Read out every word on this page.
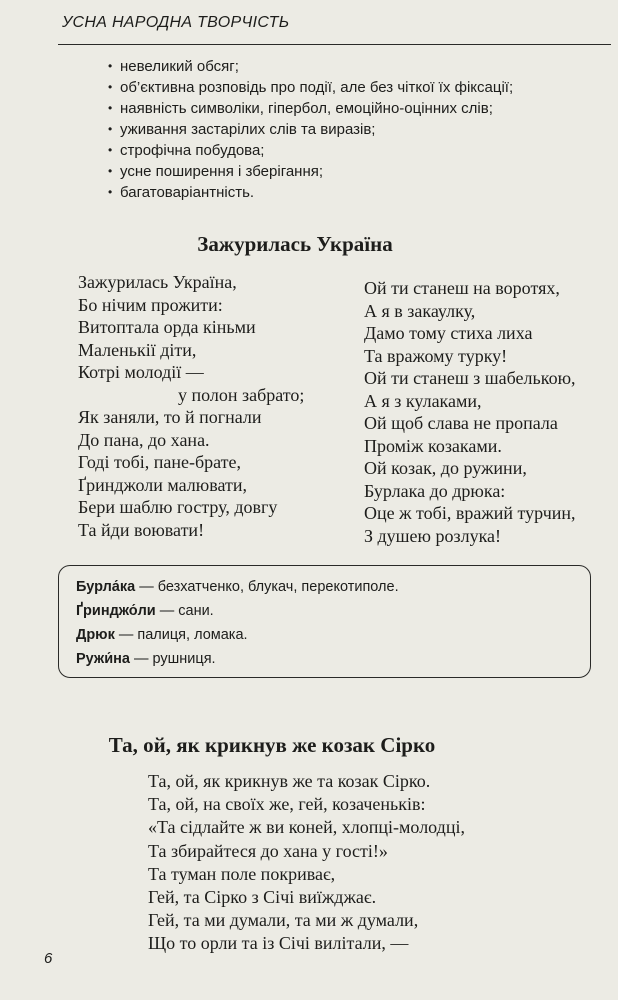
УСНА НАРОДНА ТВОРЧІСТЬ
• невеликий обсяг;
• об’єктивна розповідь про події, але без чіткої їх фіксації;
• наявність символіки, гіпербол, емоційно-оцінних слів;
• уживання застарілих слів та виразів;
• строфічна побудова;
• усне поширення і зберігання;
• багатоваріантність.
Зажурилась Україна
Зажурилась Україна,
Бо нічим прожити:
Витоптала орда кіньми
Маленькії діти,
Котрі молодії —
у полон забрато;
Як заняли, то й погнали
До пана, до хана.
Годі тобі, пане-брате,
Ґринджоли малювати,
Бери шаблю гостру, довгу
Та йди воювати!
Ой ти станеш на воротях,
А я в закаулку,
Дамо тому стиха лиха
Та вражому турку!
Ой ти станеш з шабелькою,
А я з кулаками,
Ой щоб слава не пропала
Проміж козаками.
Ой козак, до ружини,
Бурлака до дрюка:
Оце ж тобі, вражий турчин,
З душею розлука!
Бурла́ка — безхатченко, блукач, перекотиполе.
Ґринджо́ли — сани.
Дрюк — палиця, ломака.
Ружи́на — рушниця.
Та, ой, як крикнув же козак Сірко
Та, ой, як крикнув же та козак Сірко.
Та, ой, на своїх же, гей, козаченьків:
«Та сідлайте ж ви коней, хлопці-молодці,
Та збирайтеся до хана у гості!»
Та туман поле покриває,
Гей, та Сірко з Січі виїжджає.
Гей, та ми думали, та ми ж думали,
Що то орли та із Січі вилітали, —
6
